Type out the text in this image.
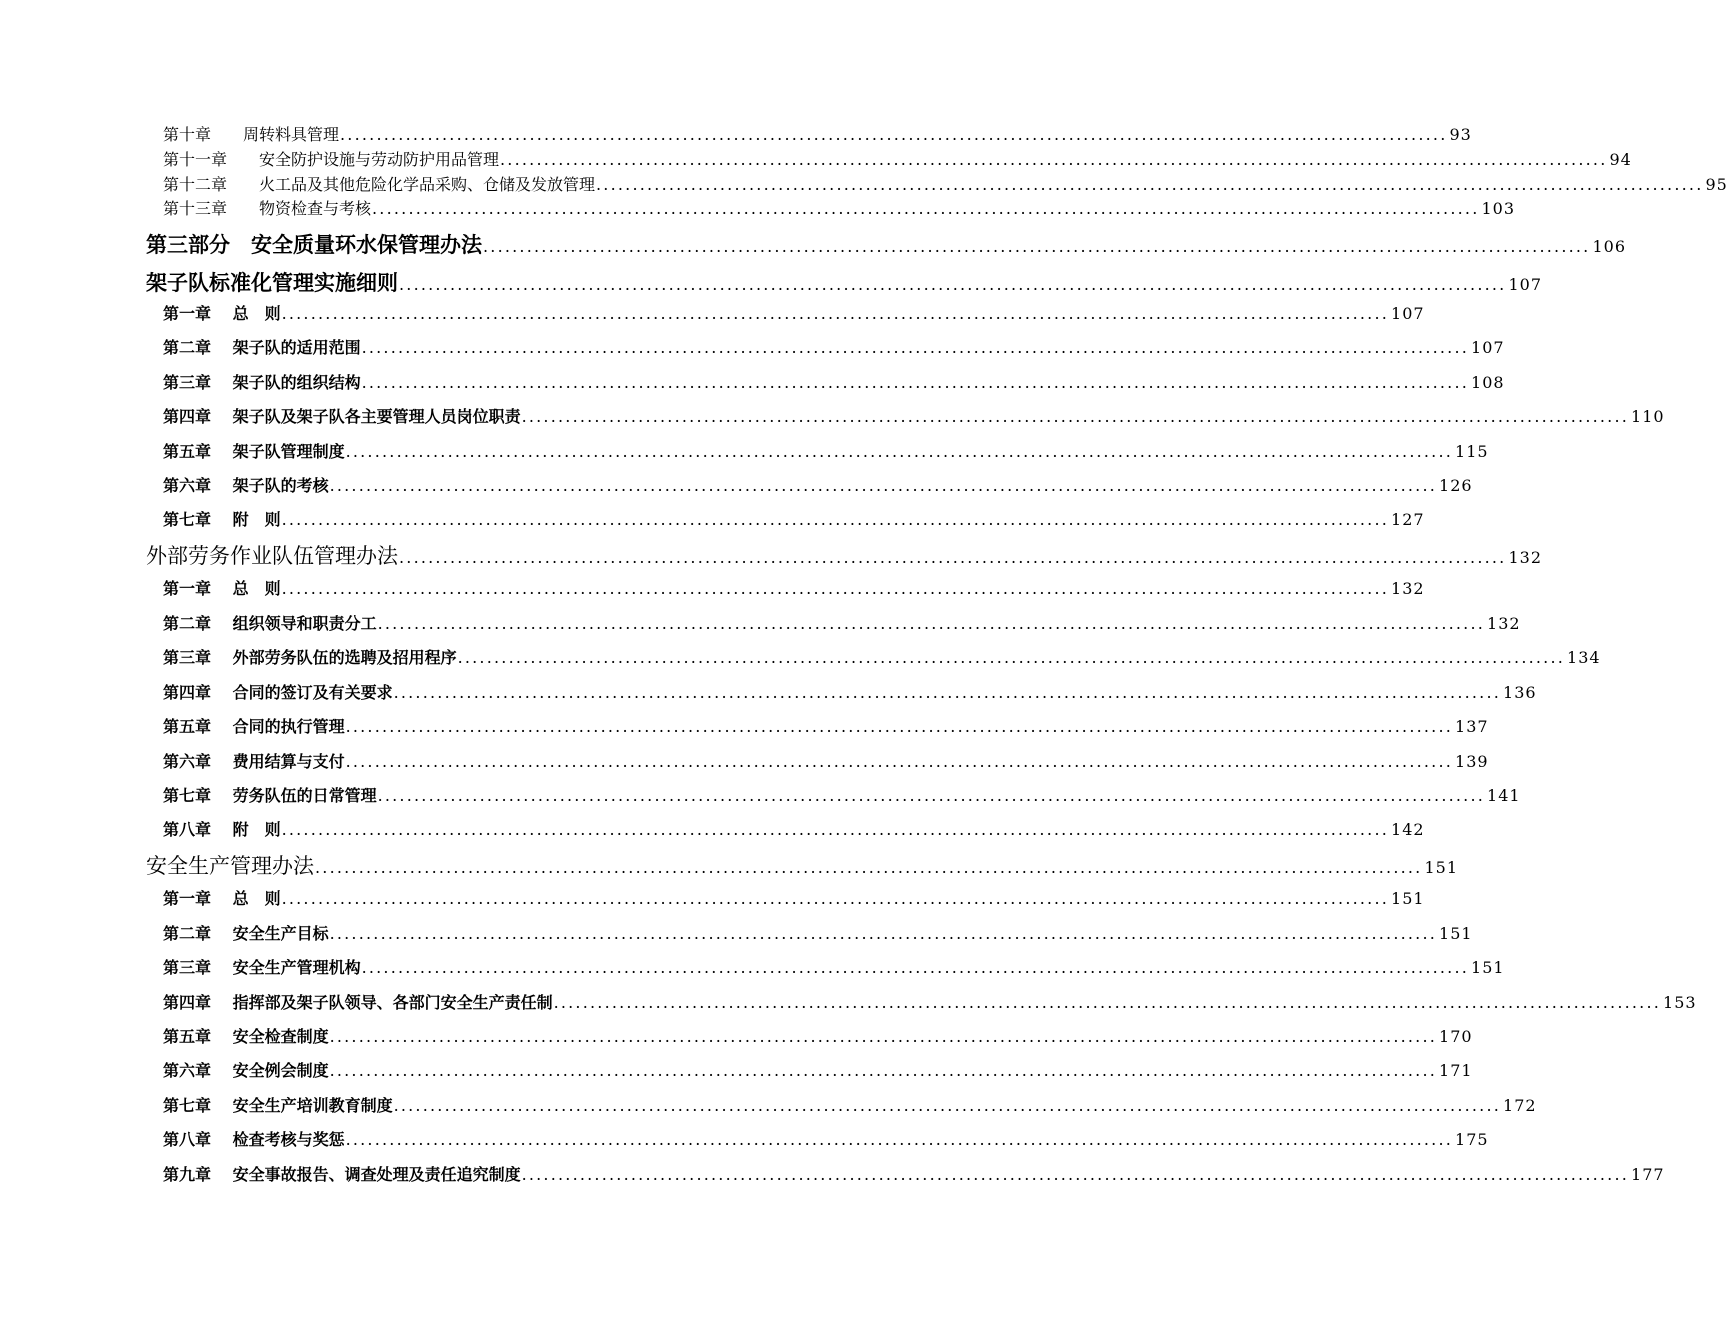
第十章　　周转料具管理 ........................................................................................................................................................ 93
第十一章　　安全防护设施与劳动防护用品管理 ........................................................................................................................................................ 94
第十二章　　火工品及其他危险化学品采购、仓储及发放管理 ........................................................................................................................................................ 95
第十三章　　物资检查与考核 ........................................................................................................................................................ 103
第三部分　安全质量环水保管理办法 ........................................................................................................................................................ 106
架子队标准化管理实施细则 ........................................................................................................................................................ 107
第一章　 总　则 ........................................................................................................................................................ 107
第二章　 架子队的适用范围 ........................................................................................................................................................ 107
第三章　 架子队的组织结构 ........................................................................................................................................................ 108
第四章　 架子队及架子队各主要管理人员岗位职责 ........................................................................................................................................................ 110
第五章　 架子队管理制度 ........................................................................................................................................................ 115
第六章　 架子队的考核 ........................................................................................................................................................ 126
第七章　 附　则 ........................................................................................................................................................ 127
外部劳务作业队伍管理办法 ........................................................................................................................................................ 132
第一章　 总　则 ........................................................................................................................................................ 132
第二章　 组织领导和职责分工 ........................................................................................................................................................ 132
第三章　 外部劳务队伍的选聘及招用程序 ........................................................................................................................................................ 134
第四章　 合同的签订及有关要求 ........................................................................................................................................................ 136
第五章　 合同的执行管理 ........................................................................................................................................................ 137
第六章　 费用结算与支付 ........................................................................................................................................................ 139
第七章　 劳务队伍的日常管理 ........................................................................................................................................................ 141
第八章　 附　则 ........................................................................................................................................................ 142
安全生产管理办法 ........................................................................................................................................................ 151
第一章　 总　则 ........................................................................................................................................................ 151
第二章　 安全生产目标 ........................................................................................................................................................ 151
第三章　 安全生产管理机构 ........................................................................................................................................................ 151
第四章　 指挥部及架子队领导、各部门安全生产责任制 ........................................................................................................................................................ 153
第五章　 安全检查制度 ........................................................................................................................................................ 170
第六章　 安全例会制度 ........................................................................................................................................................ 171
第七章　 安全生产培训教育制度 ........................................................................................................................................................ 172
第八章　 检查考核与奖惩 ........................................................................................................................................................ 175
第九章　 安全事故报告、调查处理及责任追究制度 ........................................................................................................................................................ 177
